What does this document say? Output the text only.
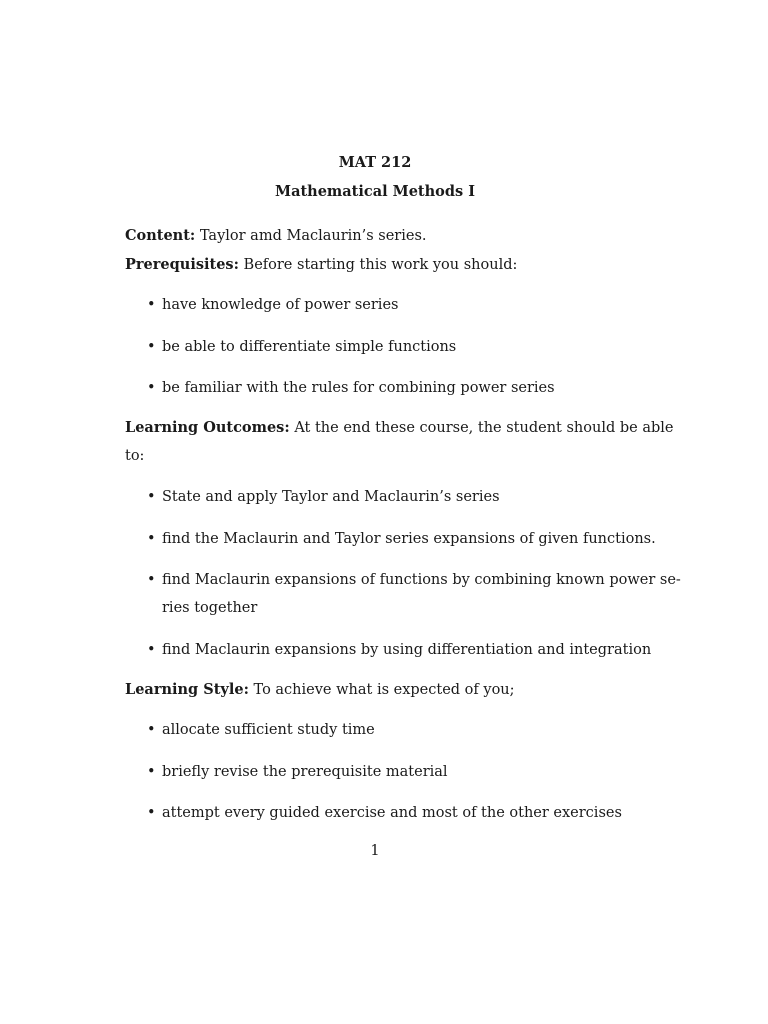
MAT 212
Mathematical Methods I
Content: Taylor amd Maclaurin’s series.
Prerequisites: Before starting this work you should:
• have knowledge of power series
• be able to differentiate simple functions
• be familiar with the rules for combining power series
Learning Outcomes: At the end these course, the student should be able
to:
• State and apply Taylor and Maclaurin’s series
• find the Maclaurin and Taylor series expansions of given functions.
• find Maclaurin expansions of functions by combining known power se-
ries together
• find Maclaurin expansions by using differentiation and integration
Learning Style: To achieve what is expected of you;
• allocate sufficient study time
• briefly revise the prerequisite material
• attempt every guided exercise and most of the other exercises
1
